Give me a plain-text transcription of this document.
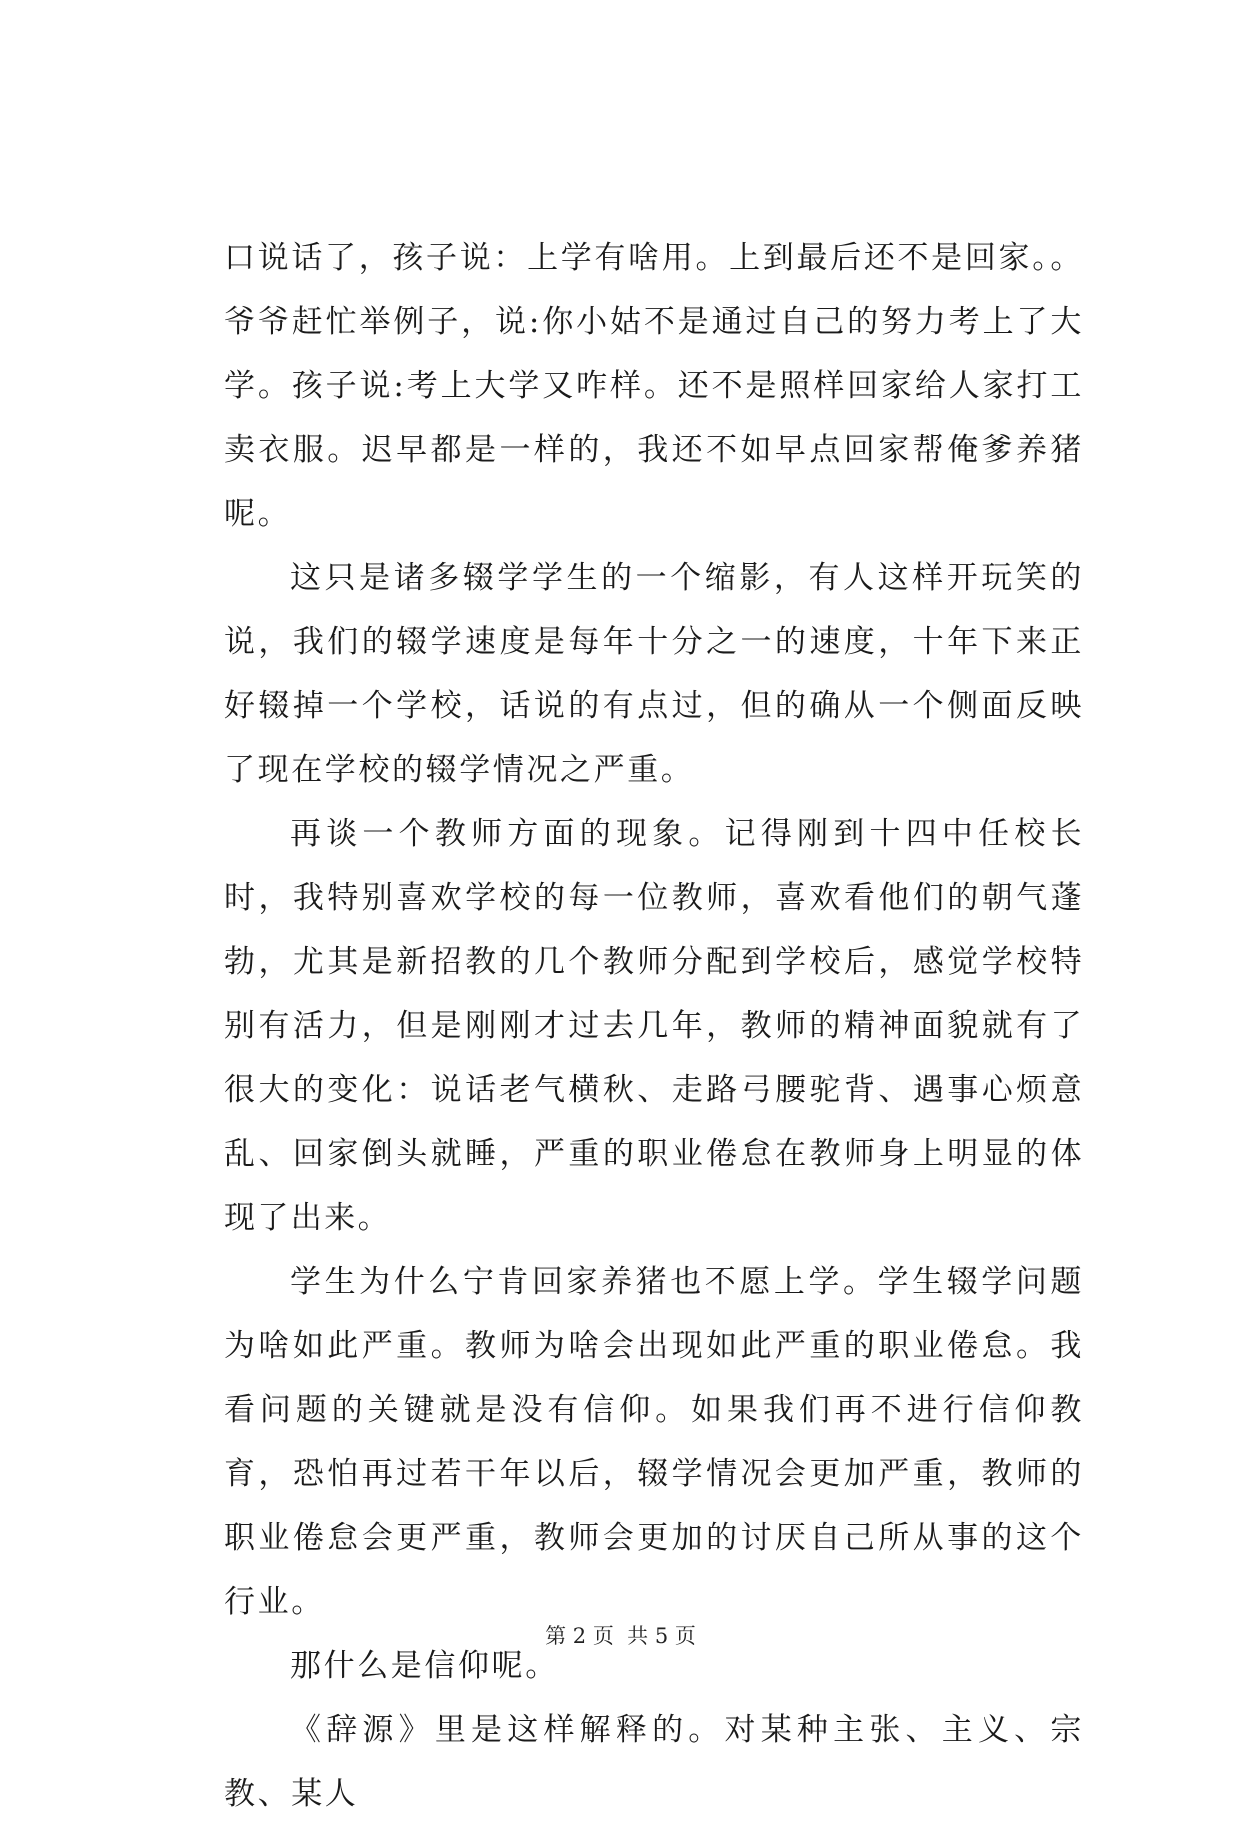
口说话了，孩子说：上学有啥用。上到最后还不是回家。。爷爷赶忙举例子，说:你小姑不是通过自己的努力考上了大学。孩子说:考上大学又咋样。还不是照样回家给人家打工卖衣服。迟早都是一样的，我还不如早点回家帮俺爹养猪呢。

这只是诸多辍学学生的一个缩影，有人这样开玩笑的说，我们的辍学速度是每年十分之一的速度，十年下来正好辍掉一个学校，话说的有点过，但的确从一个侧面反映了现在学校的辍学情况之严重。

再谈一个教师方面的现象。记得刚到十四中任校长时，我特别喜欢学校的每一位教师，喜欢看他们的朝气蓬勃，尤其是新招教的几个教师分配到学校后，感觉学校特别有活力，但是刚刚才过去几年，教师的精神面貌就有了很大的变化：说话老气横秋、走路弓腰驼背、遇事心烦意乱、回家倒头就睡，严重的职业倦怠在教师身上明显的体现了出来。

学生为什么宁肯回家养猪也不愿上学。学生辍学问题为啥如此严重。教师为啥会出现如此严重的职业倦怠。我看问题的关键就是没有信仰。如果我们再不进行信仰教育，恐怕再过若干年以后，辍学情况会更加严重，教师的职业倦怠会更严重，教师会更加的讨厌自己所从事的这个行业。

那什么是信仰呢。

《辞源》里是这样解释的。对某种主张、主义、宗教、某人

第 2 页  共 5 页
